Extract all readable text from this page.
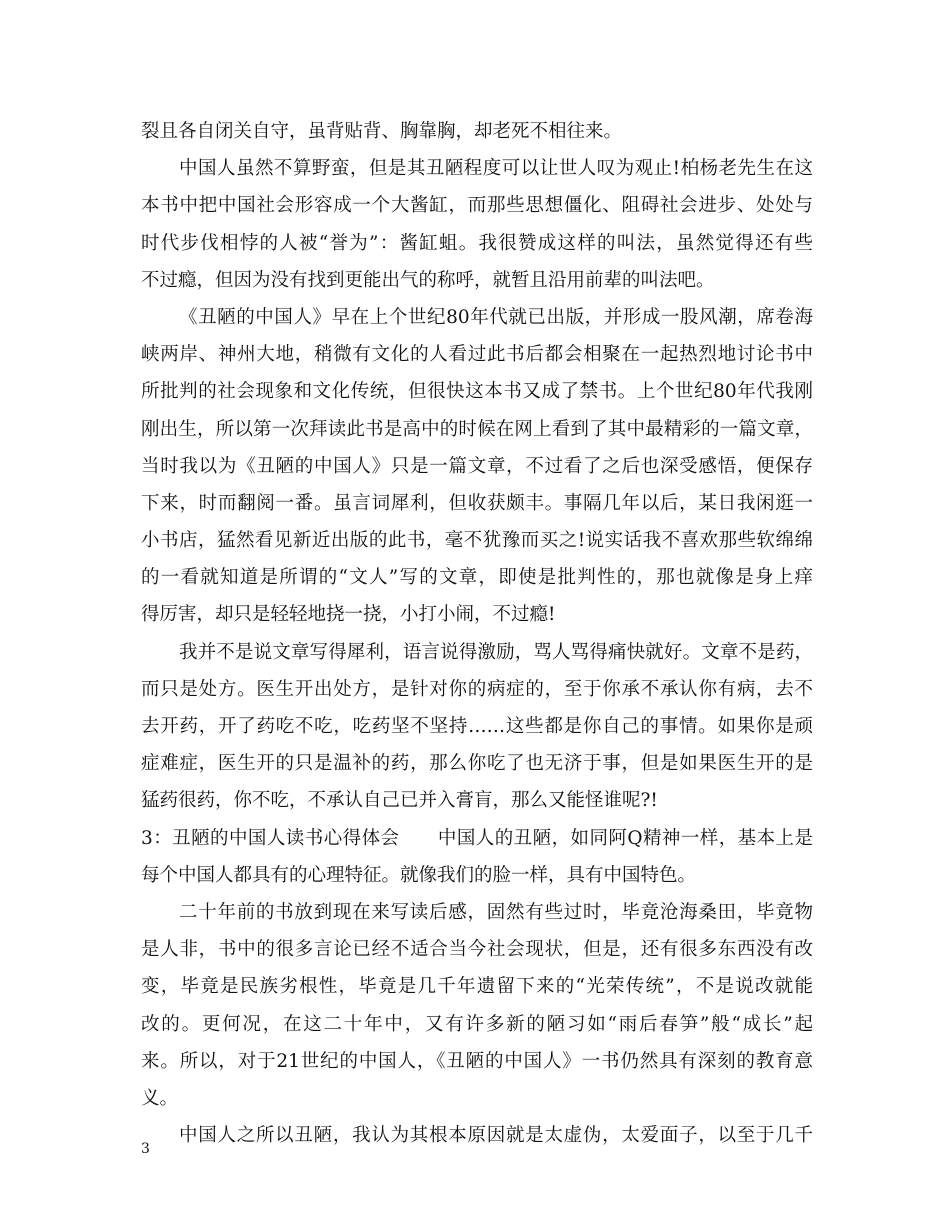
裂且各自闭关自守，虽背贴背、胸靠胸，却老死不相往来。
中国人虽然不算野蛮，但是其丑陋程度可以让世人叹为观止!柏杨老先生在这
本书中把中国社会形容成一个大酱缸，而那些思想僵化、阻碍社会进步、处处与
时代步伐相悖的人被“誉为”：酱缸蛆。我很赞成这样的叫法，虽然觉得还有些
不过瘾，但因为没有找到更能出气的称呼，就暂且沿用前辈的叫法吧。
《丑陋的中国人》早在上个世纪80年代就已出版，并形成一股风潮，席卷海
峡两岸、神州大地，稍微有文化的人看过此书后都会相聚在一起热烈地讨论书中
所批判的社会现象和文化传统，但很快这本书又成了禁书。上个世纪80年代我刚
刚出生，所以第一次拜读此书是高中的时候在网上看到了其中最精彩的一篇文章，
当时我以为《丑陋的中国人》只是一篇文章，不过看了之后也深受感悟，便保存
下来，时而翻阅一番。虽言词犀利，但收获颇丰。事隔几年以后，某日我闲逛一
小书店，猛然看见新近出版的此书，毫不犹豫而买之!说实话我不喜欢那些软绵绵
的一看就知道是所谓的“文人”写的文章，即使是批判性的，那也就像是身上痒
得厉害，却只是轻轻地挠一挠，小打小闹，不过瘾!
我并不是说文章写得犀利，语言说得激励，骂人骂得痛快就好。文章不是药，
而只是处方。医生开出处方，是针对你的病症的，至于你承不承认你有病，去不
去开药，开了药吃不吃，吃药坚不坚持……这些都是你自己的事情。如果你是顽
症难症，医生开的只是温补的药，那么你吃了也无济于事，但是如果医生开的是
猛药很药，你不吃，不承认自己已并入膏肓，那么又能怪谁呢?!
3：丑陋的中国人读书心得体会 中国人的丑陋，如同阿Q精神一样，基本上是
每个中国人都具有的心理特征。就像我们的脸一样，具有中国特色。
二十年前的书放到现在来写读后感，固然有些过时，毕竟沧海桑田，毕竟物
是人非，书中的很多言论已经不适合当今社会现状，但是，还有很多东西没有改
变，毕竟是民族劣根性，毕竟是几千年遗留下来的“光荣传统”，不是说改就能
改的。更何况，在这二十年中，又有许多新的陋习如“雨后春笋”般“成长”起
来。所以，对于21世纪的中国人，《丑陋的中国人》一书仍然具有深刻的教育意
义。
中国人之所以丑陋，我认为其根本原因就是太虚伪，太爱面子，以至于几千
3
